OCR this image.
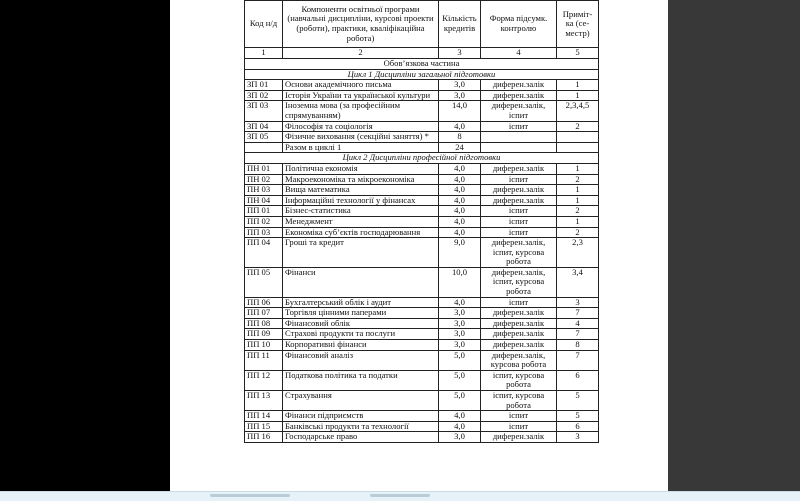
Код н/д	Компоненти освітньої програми (навчальні дисципліни, курсові проекти (роботи), практики, кваліфікаційна робота)	Кількість кредитів	Форма підсумк. контролю	Приміт-ка (се-местр)
1	2	3	4	5
Обов’язкова частина				
Цикл 1 Дисципліни загальної підготовки				
ЗП 01	Основи академічного письма	3,0	диферен.залік	1
ЗП 02	Історія України та української культури	3,0	диферен.залік	1
ЗП 03	Іноземна мова (за професійним спрямуванням)	14,0	диферен.залік, іспит	2,3,4,5
ЗП 04	Філософія та соціологія	4,0	іспит	2
ЗП 05	Фізичне виховання (секційні заняття) *	8		
	Разом в циклі 1	24		
Цикл 2 Дисципліни професійної підготовки				
ПН 01	Політична економія	4,0	диферен.залік	1
ПН 02	Макроекономіка та мікроекономіка	4,0	іспит	2
ПН 03	Вища математика	4,0	диферен.залік	1
ПН 04	Інформаційні технології у фінансах	4,0	диферен.залік	1
ПП 01	Бізнес-статистика	4,0	іспит	2
ПП 02	Менеджмент	4,0	іспит	1
ПП 03	Економіка суб’єктів господарювання	4,0	іспит	2
ПП 04	Гроші та кредит	9,0	диферен.залік, іспит, курсова робота	2,3
ПП 05	Фінанси	10,0	диферен.залік, іспит, курсова робота	3,4
ПП 06	Бухгалтерський облік і аудит	4,0	іспит	3
ПП 07	Торгівля цінними паперами	3,0	диферен.залік	7
ПП 08	Фінансовий облік	3,0	диферен.залік	4
ПП 09	Страхові продукти та послуги	3,0	диферен.залік	7
ПП 10	Корпоративні фінанси	3,0	диферен.залік	8
ПП 11	Фінансовий аналіз	5,0	диферен.залік, курсова робота	7
ПП 12	Податкова політика та податки	5,0	іспит, курсова робота	6
ПП 13	Страхування	5,0	іспит, курсова робота	5
ПП 14	Фінанси підприємств	4,0	іспит	5
ПП 15	Банківські продукти та технології	4,0	іспит	6
ПП 16	Господарське право	3,0	диферен.залік	3
